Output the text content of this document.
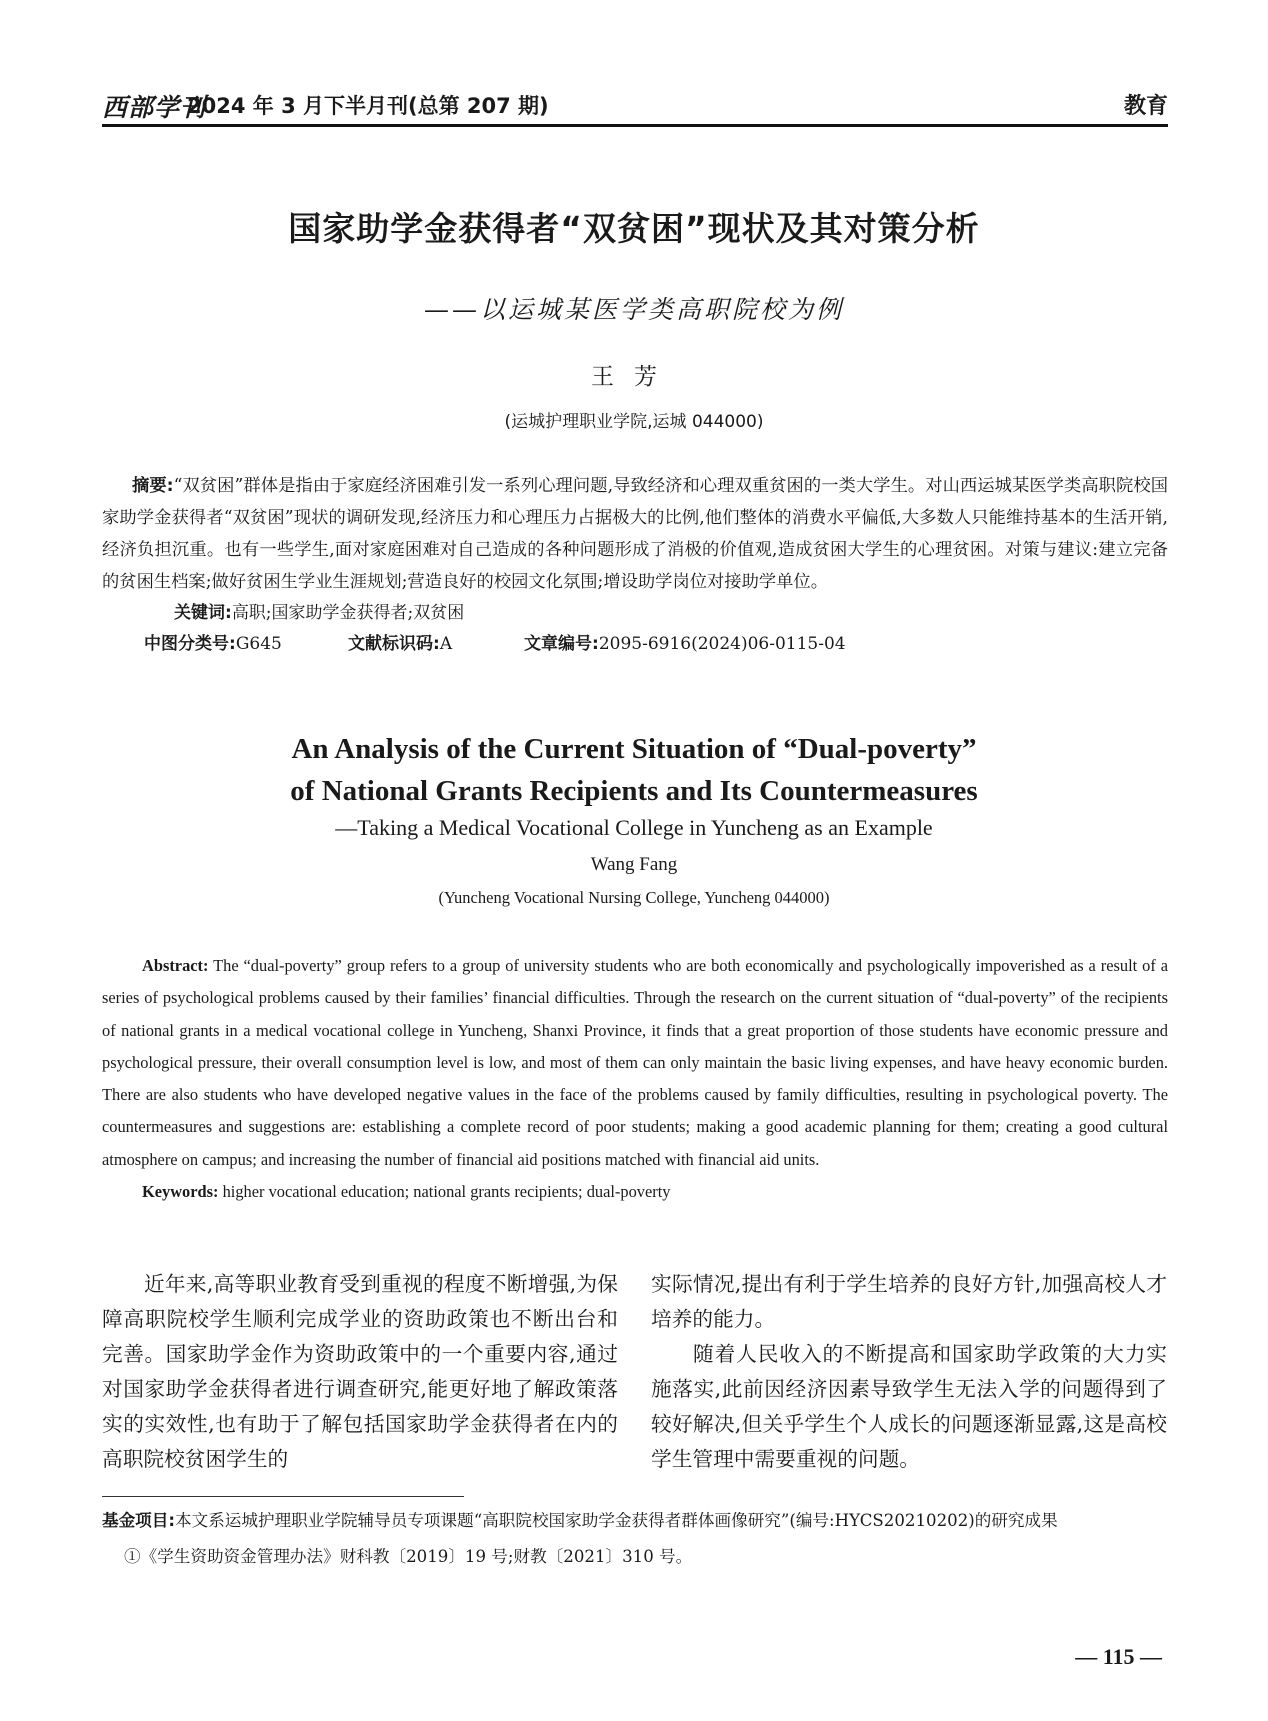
西部学刊
2024 年 3 月下半月刊(总第 207 期)	教育
国家助学金获得者“双贫困”现状及其对策分析
——以运城某医学类高职院校为例
王芳
(运城护理职业学院,运城 044000)

摘要:“双贫困”群体是指由于家庭经济困难引发一系列心理问题,导致经济和心理双重贫困的一类大学生。对山西运城某医学类高职院校国家助学金获得者“双贫困”现状的调研发现,经济压力和心理压力占据极大的比例,他们整体的消费水平偏低,大多数人只能维持基本的生活开销,经济负担沉重。也有一些学生,面对家庭困难对自己造成的各种问题形成了消极的价值观,造成贫困大学生的心理贫困。对策与建议:建立完备的贫困生档案;做好贫困生学业生涯规划;营造良好的校园文化氛围;增设助学岗位对接助学单位。

关键词:高职;国家助学金获得者;双贫困

中图分类号:G645	文献标识码:A	文章编号:2095-6916(2024)06-0115-04
An Analysis of the Current Situation of “Dual-poverty”
of National Grants Recipients and Its Countermeasures
—Taking a Medical Vocational College in Yuncheng as an Example
Wang Fang
(Yuncheng Vocational Nursing College, Yuncheng 044000)

Abstract: The “dual-poverty” group refers to a group of university students who are both economically and psychologically impoverished as a result of a series of psychological problems caused by their families’ financial difficulties. Through the research on the current situation of “dual-poverty” of the recipients of national grants in a medical vocational college in Yuncheng, Shanxi Province, it finds that a great proportion of those students have economic pressure and psychological pressure, their overall consumption level is low, and most of them can only maintain the basic living expenses, and have heavy economic burden. There are also students who have developed negative values in the face of the problems caused by family difficulties, resulting in psychological poverty. The countermeasures and suggestions are: establishing a complete record of poor students; making a good academic planning for them; creating a good cultural atmosphere on campus; and increasing the number of financial aid positions matched with financial aid units.

Keywords: higher vocational education; national grants recipients; dual-poverty

近年来,高等职业教育受到重视的程度不断增强,为保障高职院校学生顺利完成学业的资助政策也不断出台和完善。国家助学金作为资助政策中的一个重要内容,通过对国家助学金获得者进行调查研究,能更好地了解政策落实的实效性,也有助于了解包括国家助学金获得者在内的高职院校贫困学生的

实际情况,提出有利于学生培养的良好方针,加强高校人才培养的能力。

随着人民收入的不断提高和国家助学政策的大力实施落实,此前因经济因素导致学生无法入学的问题得到了较好解决,但关乎学生个人成长的问题逐渐显露,这是高校学生管理中需要重视的问题。

基金项目:本文系运城护理职业学院辅导员专项课题“高职院校国家助学金获得者群体画像研究”(编号:HYCS20210202)的研究成果

①《学生资助资金管理办法》财科教〔2019〕19 号;财教〔2021〕310 号。

— 115 —
